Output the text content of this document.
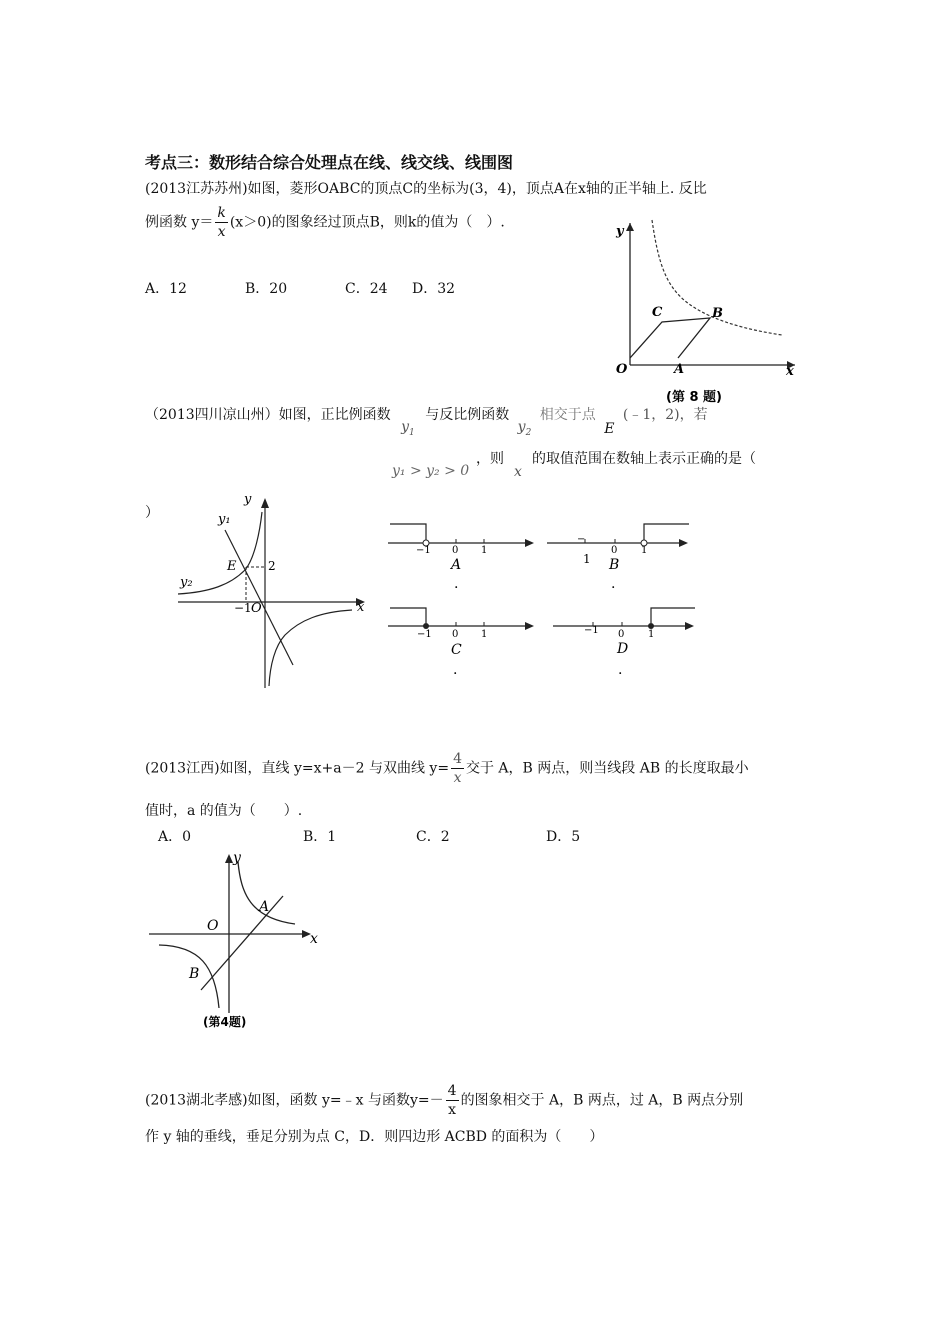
考点三：数形结合综合处理点在线、线交线、线围图
(2013江苏苏州)如图，菱形OABC的顶点C的坐标为(3，4)，顶点A在x轴的正半轴上. 反比
例函数 $y= \frac{k}{x} (x>0)$的图象经过顶点B，则k的值为（　）.
A．12	B．20	C．24 D．32
y
x
O	A
B
C
(第 8 题)
（2013四川凉山州）如图，正比例函数 $y_1$ 与反比例函数 $y_2$ 相交于点 E (﹣1，2)，若
y₁ > y₂ > 0
，则
x
的取值范围在数轴上表示正确的是（
）
y
x
y₁
y₂
E	2
−1 O
−1 0 1
A
.
−
0 1
1 B
.
−1 0 1
C
.
−1 0 1
D
.
(2013江西)如图，直线 y=x+a－2 与双曲线 $y= \frac{4}{x}$ 交于 A，B 两点，则当线段 AB 的长度取最小
值时，a 的值为（　　）.
A．0	B．1	C．2	D．5
y
x
O
A
B
(第4题)
(2013湖北孝感)如图，函数 y=﹣x 与函数$y=- \frac{4}{x}$ 的图象相交于 A，B 两点，过 A，B 两点分别
作 y 轴的垂线，垂足分别为点 C，D．则四边形 ACBD 的面积为（　　）
